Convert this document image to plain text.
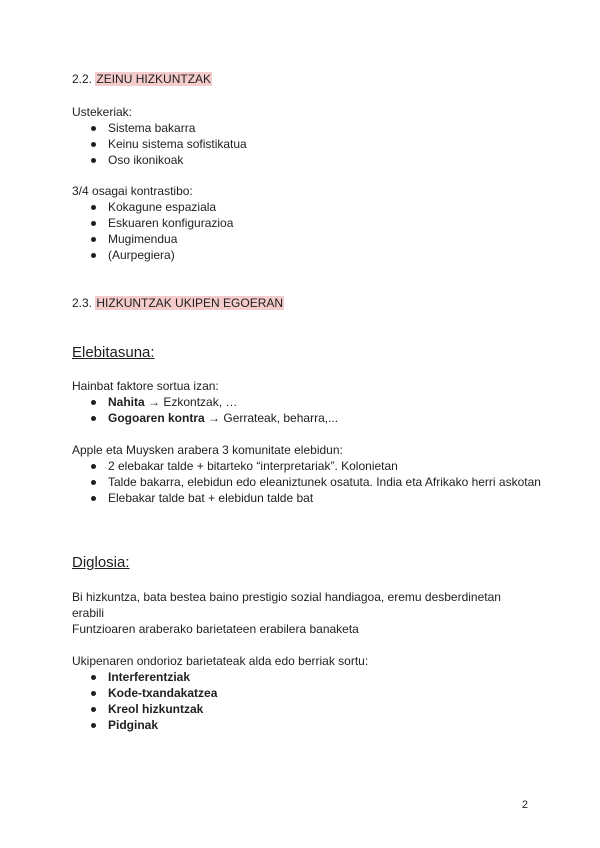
2.2. ZEINU HIZKUNTZAK
Ustekeriak:
Sistema bakarra
Keinu sistema sofistikatua
Oso ikonikoak
3/4 osagai kontrastibo:
Kokagune espaziala
Eskuaren konfigurazioa
Mugimendua
(Aurpegiera)
2.3. HIZKUNTZAK UKIPEN EGOERAN
Elebitasuna:
Hainbat faktore sortua izan:
Nahita → Ezkontzak, …
Gogoaren kontra → Gerrateak, beharra,...
Apple eta Muysken arabera 3 komunitate elebidun:
2 elebakar talde + bitarteko “interpretariak”. Kolonietan
Talde bakarra, elebidun edo eleaniztunek osatuta. India eta Afrikako herri askotan
Elebakar talde bat + elebidun talde bat
Diglosia:
Bi hizkuntza, bata bestea baino prestigio sozial handiagoa, eremu desberdinetan
erabili
Funtzioaren araberako barietateen erabilera banaketa
Ukipenaren ondorioz barietateak alda edo berriak sortu:
Interferentziak
Kode-txandakatzea
Kreol hizkuntzak
Pidginak
2
